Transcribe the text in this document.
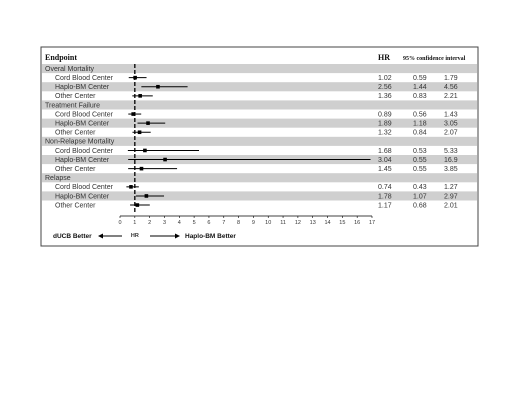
Endpoint	HR 95% confidence interval
Overal Mortality
Cord Blood Center	1.02	0.59 1.79
Haplo-BM Center	2.56	1.44 4.56
Other Center	1.36	0.83 2.21
Treatment Failure
Cord Blood Center	0.89	0.56 1.43
Haplo-BM Center	1.89	1.18 3.05
Other Center	1.32	0.84 2.07
Non-Relapse Mortality
Cord Blood Center	1.68	0.53 5.33
Haplo-BM Center	3.04	0.55 16.9
Other Center	1.45	0.55 3.85
Relapse
Cord Blood Center	0.74	0.43 1.27
Haplo-BM Center	1.78	1.07 2.97
Other Center	1.17	0.68 2.01
0 1 2 3 4 5 6 7 8 9 10 11 12 13 14 15 16 17
HR
dUCB Better	Haplo-BM Better
